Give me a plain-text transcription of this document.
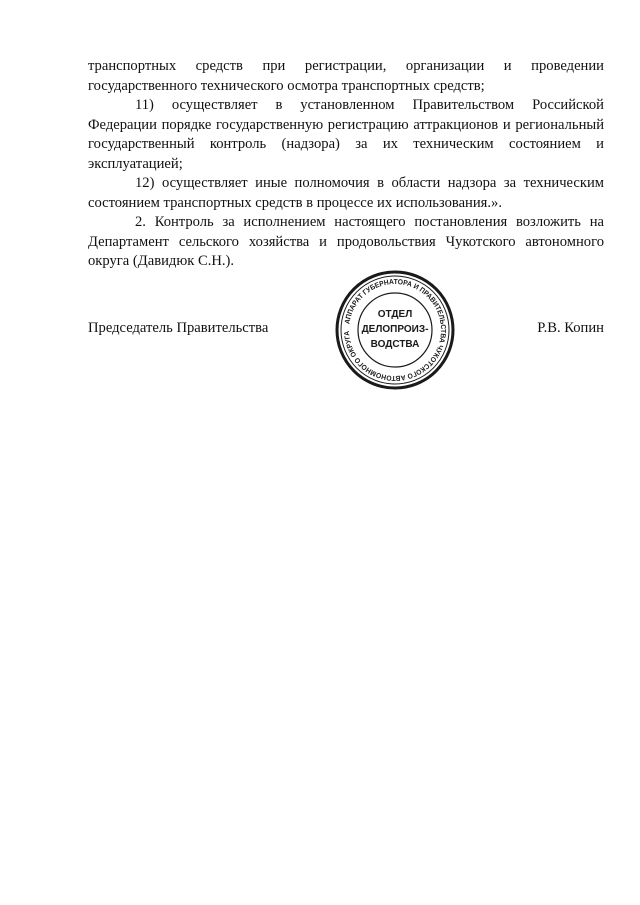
транспортных средств при регистрации, организации и проведении государственного технического осмотра транспортных средств;

11) осуществляет в установленном Правительством Российской Федерации порядке государственную регистрацию аттракционов и региональный государственный контроль (надзора) за их техническим состоянием и эксплуатацией;

12) осуществляет иные полномочия в области надзора за техническим состоянием транспортных средств в процессе их использования.».

2. Контроль за исполнением настоящего постановления возложить на Департамент сельского хозяйства и продовольствия Чукотского автономного округа (Давидюк С.Н.).

Председатель Правительства	Р.В. Копин
АППАРАТ ГУБЕРНАТОРА И ПРАВИТЕЛЬСТВА ЧУКОТСКОГО АВТОНОМНОГО ОКРУГА
ОТДЕЛ
ДЕЛОПРОИЗ-
ВОДСТВА
